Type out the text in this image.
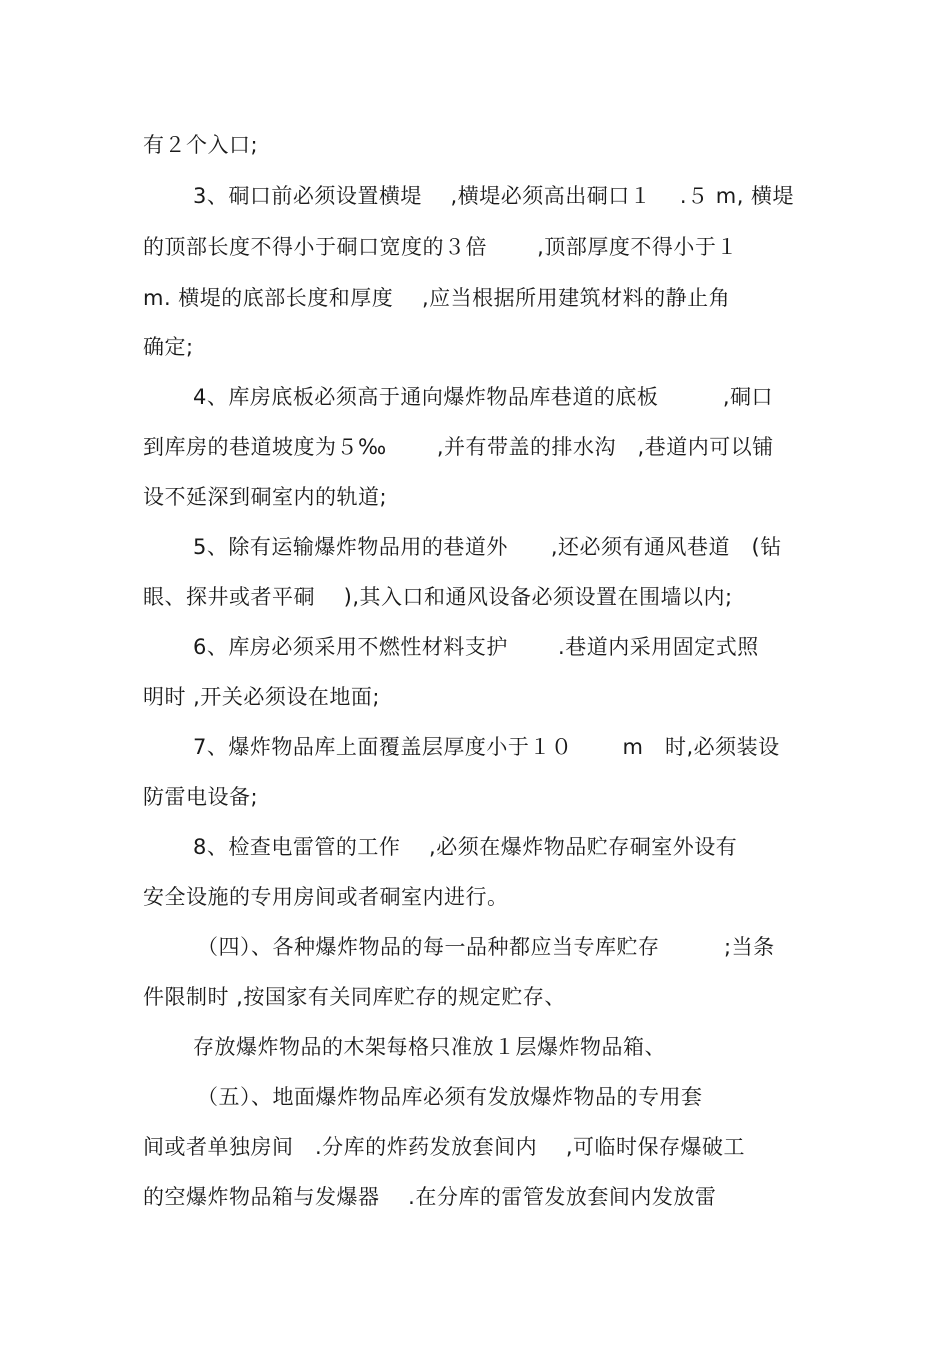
有２个入口;
3、硐口前必须设置横堤　 ,横堤必须高出硐口１　 .５ m, 横堤
的顶部长度不得小于硐口宽度的３倍　　 ,顶部厚度不得小于１
m. 横堤的底部长度和厚度　 ,应当根据所用建筑材料的静止角
确定;
4、库房底板必须高于通向爆炸物品库巷道的底板　　　,硐口
到库房的巷道坡度为５‰　　 ,并有带盖的排水沟　,巷道内可以铺
设不延深到硐室内的轨道;
5、除有运输爆炸物品用的巷道外　　,还必须有通风巷道　(钻
眼、探井或者平硐　 ),其入口和通风设备必须设置在围墙以内;
6、库房必须采用不燃性材料支护　　 .巷道内采用固定式照
明时 ,开关必须设在地面;
7、爆炸物品库上面覆盖层厚度小于１０　　 m　时,必须装设
防雷电设备;
8、检查电雷管的工作　 ,必须在爆炸物品贮存硐室外设有
安全设施的专用房间或者硐室内进行。
（四）、各种爆炸物品的每一品种都应当专库贮存　　　;当条
件限制时 ,按国家有关同库贮存的规定贮存、
存放爆炸物品的木架每格只准放１层爆炸物品箱、
（五）、地面爆炸物品库必须有发放爆炸物品的专用套
间或者单独房间　.分库的炸药发放套间内　 ,可临时保存爆破工
的空爆炸物品箱与发爆器　 .在分库的雷管发放套间内发放雷
